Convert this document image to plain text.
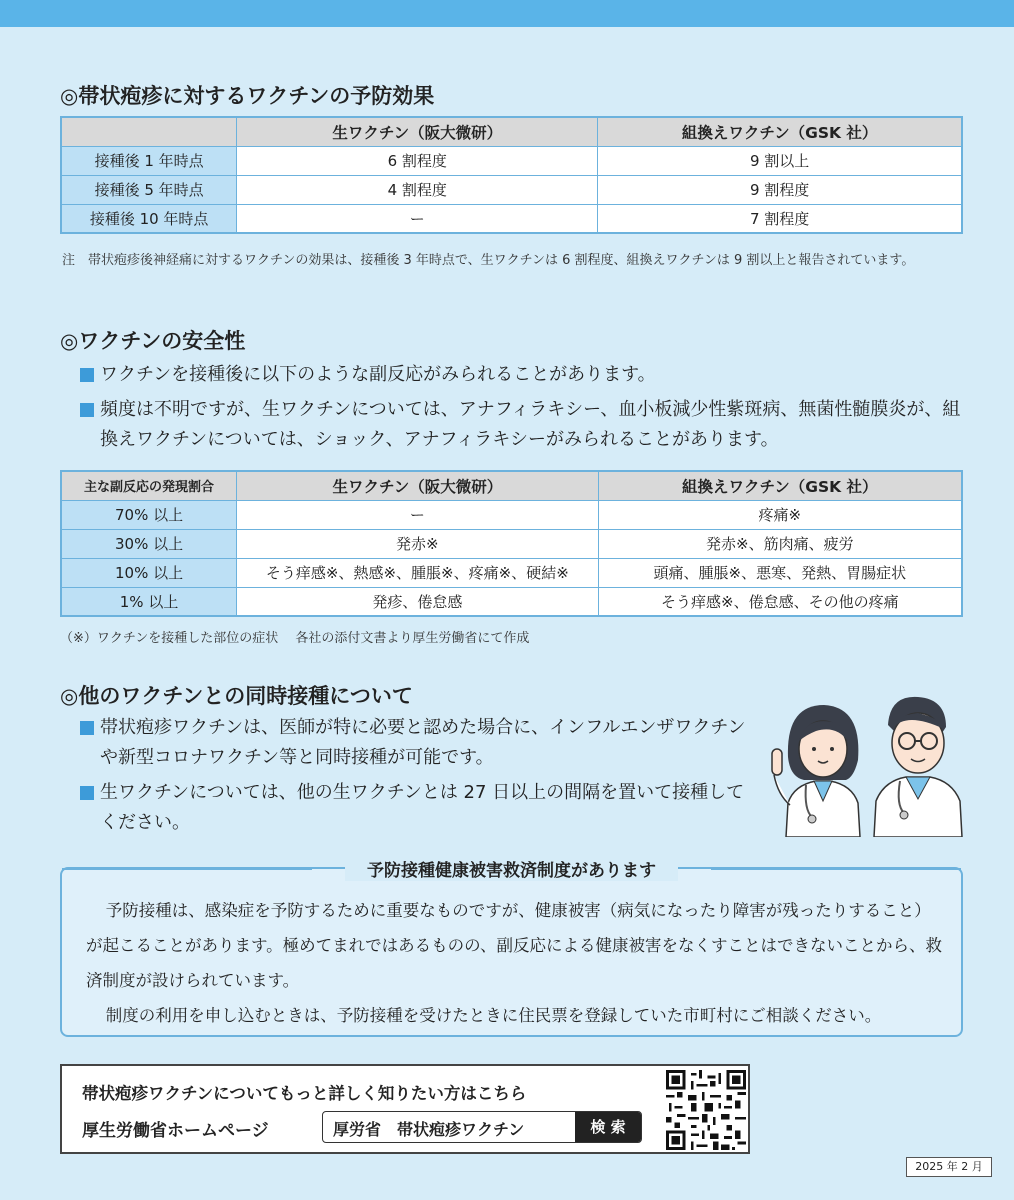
◎帯状疱疹に対するワクチンの予防効果
	生ワクチン（阪大微研）	組換えワクチン（GSK 社）
接種後 1 年時点	6 割程度	9 割以上
接種後 5 年時点	4 割程度	9 割程度
接種後 10 年時点	ー	7 割程度
注　帯状疱疹後神経痛に対するワクチンの効果は、接種後 3 年時点で、生ワクチンは 6 割程度、組換えワクチンは 9 割以上と報告されています。
◎ワクチンの安全性
ワクチンを接種後に以下のような副反応がみられることがあります。
頻度は不明ですが、生ワクチンについては、アナフィラキシー、血小板減少性紫斑病、無菌性髄膜炎が、組換えワクチンについては、ショック、アナフィラキシーがみられることがあります。
主な副反応の発現割合	生ワクチン（阪大微研）	組換えワクチン（GSK 社）
70% 以上	ー	疼痛※
30% 以上	発赤※	発赤※、筋肉痛、疲労
10% 以上	そう痒感※、熱感※、腫脹※、疼痛※、硬結※	頭痛、腫脹※、悪寒、発熱、胃腸症状
1% 以上	発疹、倦怠感	そう痒感※、倦怠感、その他の疼痛
（※）ワクチンを接種した部位の症状　 各社の添付文書より厚生労働省にて作成
◎他のワクチンとの同時接種について
帯状疱疹ワクチンは、医師が特に必要と認めた場合に、インフルエンザワクチンや新型コロナワクチン等と同時接種が可能です。
生ワクチンについては、他の生ワクチンとは 27 日以上の間隔を置いて接種してください。
予防接種健康被害救済制度があります

予防接種は、感染症を予防するために重要なものですが、健康被害（病気になったり障害が残ったりすること）が起こることがあります。極めてまれではあるものの、副反応による健康被害をなくすことはできないことから、救済制度が設けられています。

制度の利用を申し込むときは、予防接種を受けたときに住民票を登録していた市町村にご相談ください。

帯状疱疹ワクチンについてもっと詳しく知りたい方はこちら
厚生労働省ホームページ	厚労省　帯状疱疹ワクチン	検 索
2025 年 2 月
